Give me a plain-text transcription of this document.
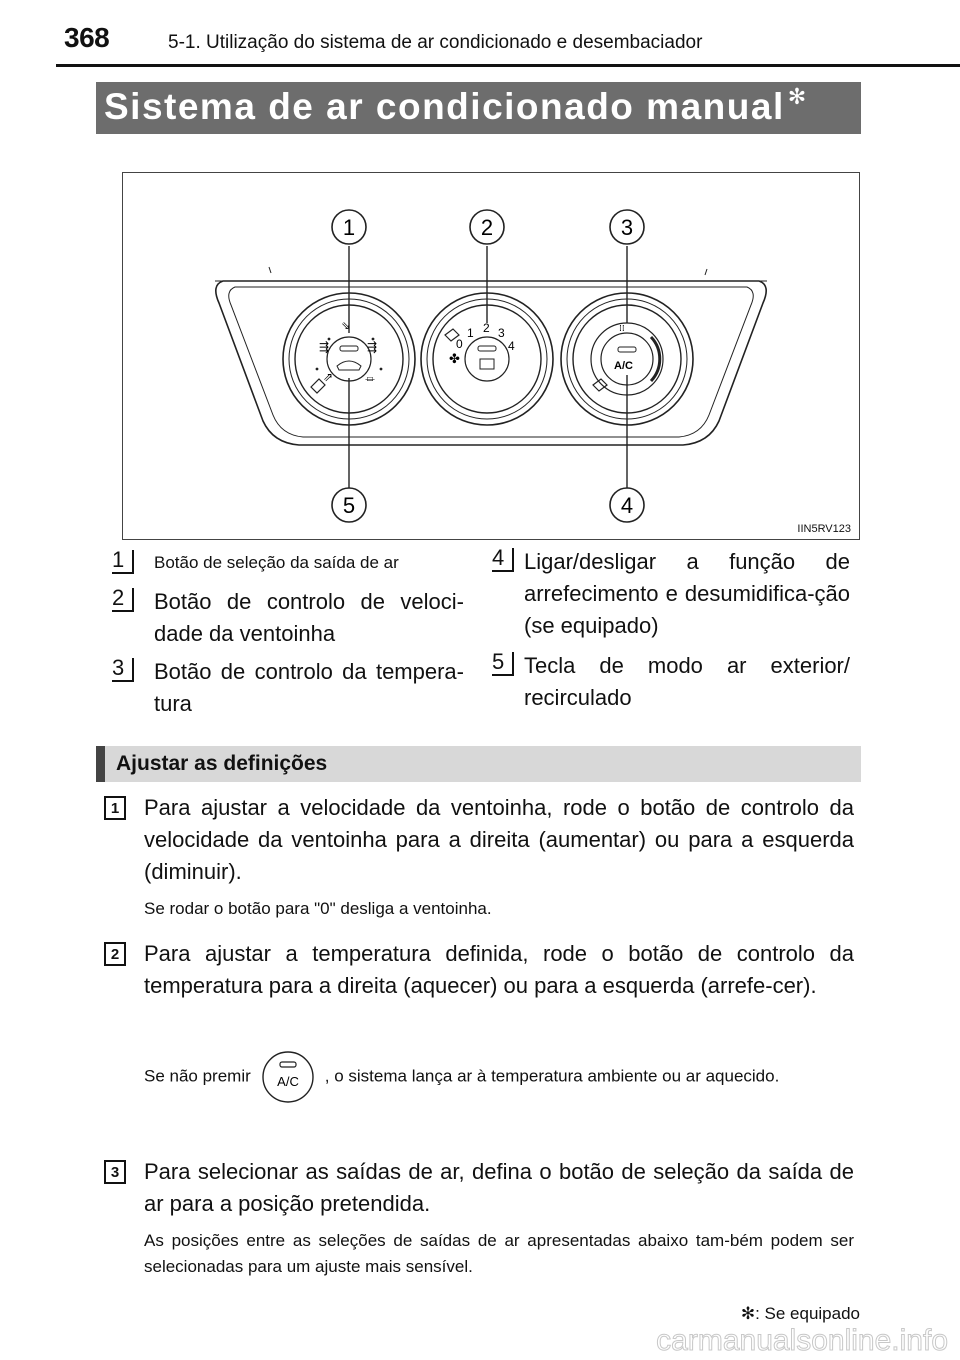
368	5-1. Utilização do sistema de ar condicionado e desembaciador
Sistema de ar condicionado manual ✻
⇶
⇘
⇶
⇗	⏛
✤
0
1 2 3
4
A/C
⁞⁞
1	2	3
5	4
IIN5RV123
1 Botão de seleção da saída de ar
2 Botão de controlo de veloci-dade da ventoinha
3 Botão de controlo da tempera-tura
4 Ligar/desligar a função de arrefecimento e desumidifica-ção (se equipado)
5 Tecla de modo ar exterior/ recirculado
Ajustar as definições
1	Para ajustar a velocidade da ventoinha, rode o botão de controlo da velocidade da ventoinha para a direita (aumentar) ou para a esquerda (diminuir).
Se rodar o botão para "0" desliga a ventoinha.
2	Para ajustar a temperatura definida, rode o botão de controlo da temperatura para a direita (aquecer) ou para a esquerda (arrefe-cer).
Se não premir A/C , o sistema lança ar à temperatura ambiente ou ar aquecido.
3	Para selecionar as saídas de ar, defina o botão de seleção da saída de ar para a posição pretendida.
As posições entre as seleções de saídas de ar apresentadas abaixo tam-bém podem ser selecionadas para um ajuste mais sensível.
✻: Se equipado
carmanualsonline.info
